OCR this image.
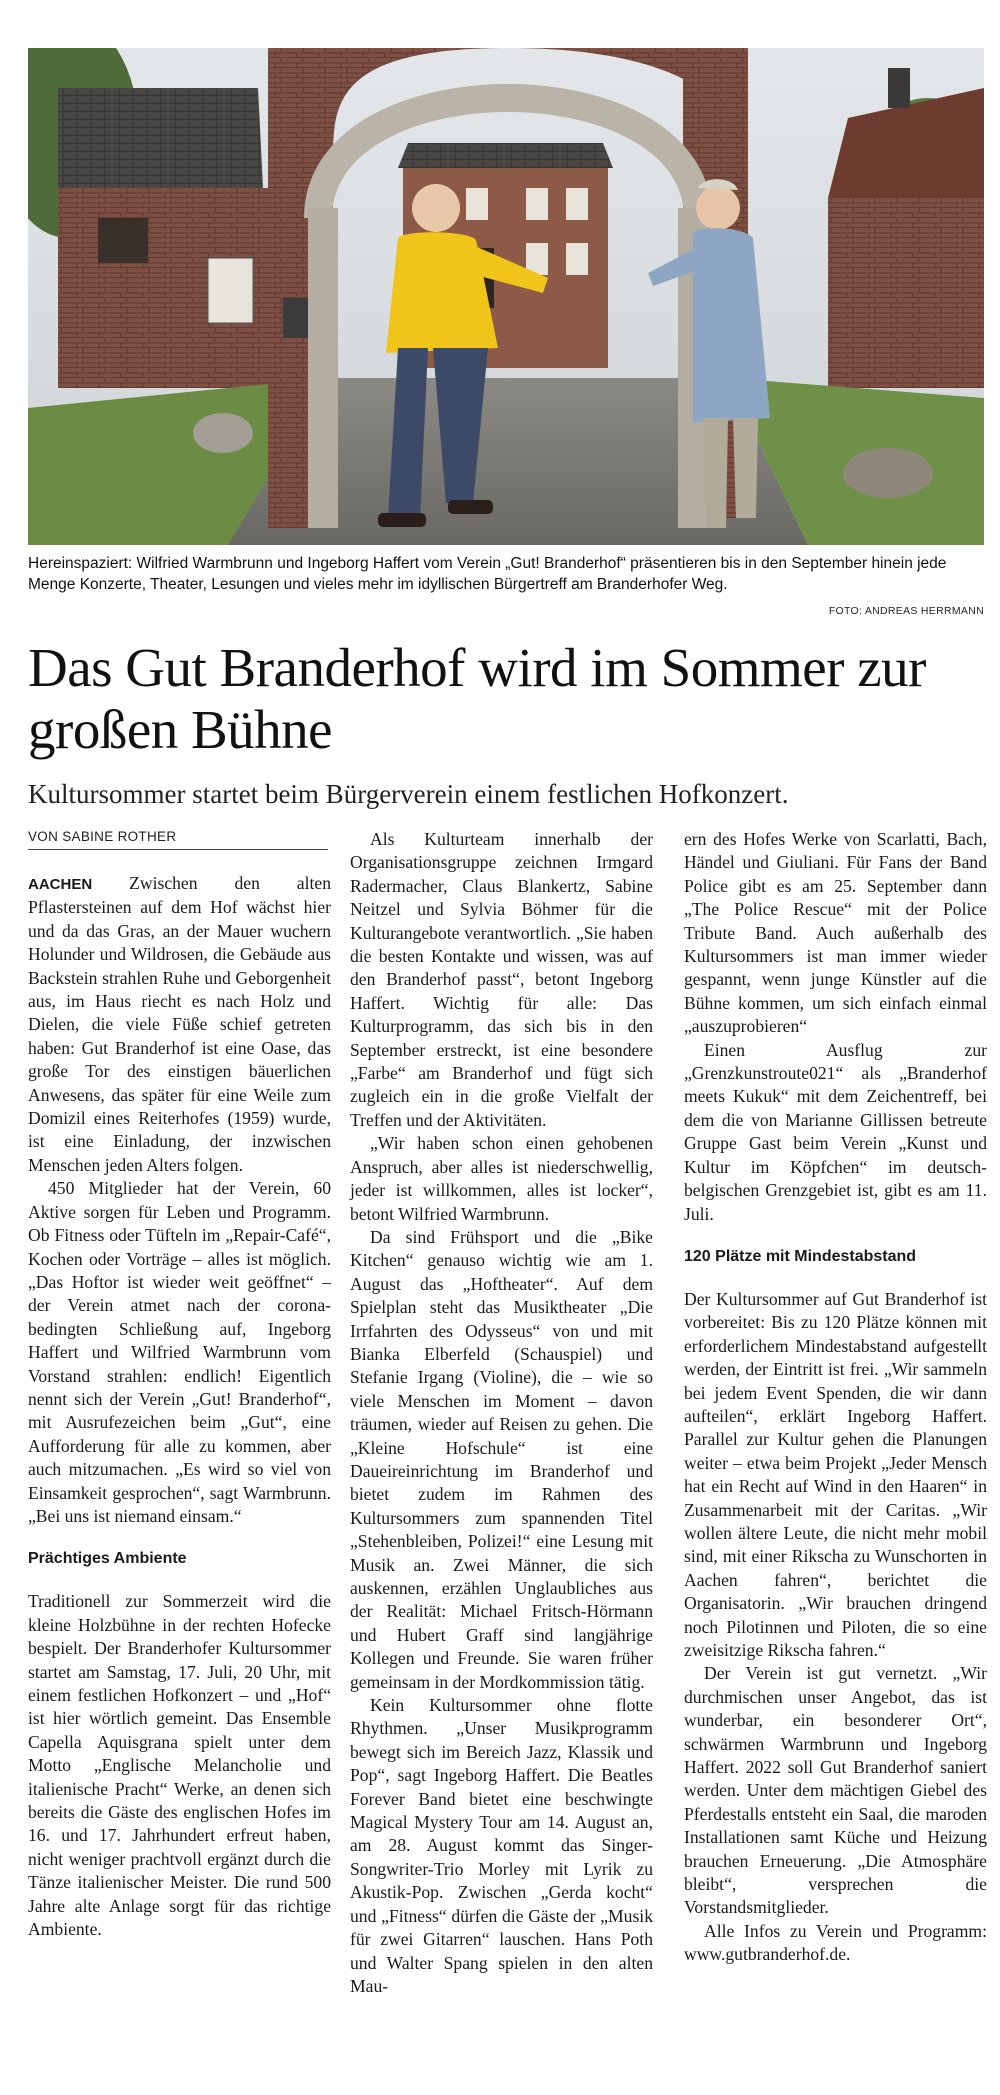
Hereinspaziert: Wilfried Warmbrunn und Ingeborg Haffert vom Verein „Gut! Branderhof“ präsentieren bis in den September hinein jede Menge Konzerte, Theater, Lesungen und vieles mehr im idyllischen Bürgertreff am Branderhofer Weg.
FOTO: ANDREAS HERRMANN
Das Gut Branderhof wird im Sommer zur großen Bühne
Kultursommer startet beim Bürgerverein einem festlichen Hofkonzert.
VON SABINE ROTHER

AACHEN Zwischen den alten Pflastersteinen auf dem Hof wächst hier und da das Gras, an der Mauer wuchern Holunder und Wildrosen, die Gebäude aus Backstein strahlen Ruhe und Geborgenheit aus, im Haus riecht es nach Holz und Dielen, die viele Füße schief getreten haben: Gut Branderhof ist eine Oase, das große Tor des einstigen bäuerlichen Anwesens, das später für eine Weile zum Domizil eines Reiterhofes (1959) wurde, ist eine Einladung, der inzwischen Menschen jeden Alters folgen.

450 Mitglieder hat der Verein, 60 Aktive sorgen für Leben und Programm. Ob Fitness oder Tüfteln im „Repair-Café“, Kochen oder Vorträge – alles ist möglich. „Das Hoftor ist wieder weit geöffnet“ – der Verein atmet nach der corona-bedingten Schließung auf, Ingeborg Haffert und Wilfried Warmbrunn vom Vorstand strahlen: endlich! Eigentlich nennt sich der Verein „Gut! Branderhof“, mit Ausrufezeichen beim „Gut“, eine Aufforderung für alle zu kommen, aber auch mitzumachen. „Es wird so viel von Einsamkeit gesprochen“, sagt Warmbrunn. „Bei uns ist niemand einsam.“

Prächtiges Ambiente

Traditionell zur Sommerzeit wird die kleine Holzbühne in der rechten Hofecke bespielt. Der Branderhofer Kultursommer startet am Samstag, 17. Juli, 20 Uhr, mit einem festlichen Hofkonzert – und „Hof“ ist hier wörtlich gemeint. Das Ensemble Capella Aquisgrana spielt unter dem Motto „Englische Melancholie und italienische Pracht“ Werke, an denen sich bereits die Gäste des englischen Hofes im 16. und 17. Jahrhundert erfreut haben, nicht weniger prachtvoll ergänzt durch die Tänze italienischer Meister. Die rund 500 Jahre alte Anlage sorgt für das richtige Ambiente.

Als Kulturteam innerhalb der Organisationsgruppe zeichnen Irmgard Radermacher, Claus Blankertz, Sabine Neitzel und Sylvia Böhmer für die Kulturangebote verantwortlich. „Sie haben die besten Kontakte und wissen, was auf den Branderhof passt“, betont Ingeborg Haffert. Wichtig für alle: Das Kulturprogramm, das sich bis in den September erstreckt, ist eine besondere „Farbe“ am Branderhof und fügt sich zugleich ein in die große Vielfalt der Treffen und der Aktivitäten.

„Wir haben schon einen gehobenen Anspruch, aber alles ist niederschwellig, jeder ist willkommen, alles ist locker“, betont Wilfried Warmbrunn.

Da sind Frühsport und die „Bike Kitchen“ genauso wichtig wie am 1. August das „Hoftheater“. Auf dem Spielplan steht das Musiktheater „Die Irrfahrten des Odysseus“ von und mit Bianka Elberfeld (Schauspiel) und Stefanie Irgang (Violine), die – wie so viele Menschen im Moment – davon träumen, wieder auf Reisen zu gehen. Die „Kleine Hofschule“ ist eine Daueireinrichtung im Branderhof und bietet zudem im Rahmen des Kultursommers zum spannenden Titel „Stehenbleiben, Polizei!“ eine Lesung mit Musik an. Zwei Männer, die sich auskennen, erzählen Unglaubliches aus der Realität: Michael Fritsch-Hörmann und Hubert Graff sind langjährige Kollegen und Freunde. Sie waren früher gemeinsam in der Mordkommission tätig.

Kein Kultursommer ohne flotte Rhythmen. „Unser Musikprogramm bewegt sich im Bereich Jazz, Klassik und Pop“, sagt Ingeborg Haffert. Die Beatles Forever Band bietet eine beschwingte Magical Mystery Tour am 14. August an, am 28. August kommt das Singer-Songwriter-Trio Morley mit Lyrik zu Akustik-Pop. Zwischen „Gerda kocht“ und „Fitness“ dürfen die Gäste der „Musik für zwei Gitarren“ lauschen. Hans Poth und Walter Spang spielen in den alten Mau-

ern des Hofes Werke von Scarlatti, Bach, Händel und Giuliani. Für Fans der Band Police gibt es am 25. September dann „The Police Rescue“ mit der Police Tribute Band. Auch außerhalb des Kultursommers ist man immer wieder gespannt, wenn junge Künstler auf die Bühne kommen, um sich einfach einmal „auszuprobieren“

Einen Ausflug zur „Grenzkunstroute021“ als „Branderhof meets Kukuk“ mit dem Zeichentreff, bei dem die von Marianne Gillissen betreute Gruppe Gast beim Verein „Kunst und Kultur im Köpfchen“ im deutsch-belgischen Grenzgebiet ist, gibt es am 11. Juli.

120 Plätze mit Mindestabstand

Der Kultursommer auf Gut Branderhof ist vorbereitet: Bis zu 120 Plätze können mit erforderlichem Mindestabstand aufgestellt werden, der Eintritt ist frei. „Wir sammeln bei jedem Event Spenden, die wir dann aufteilen“, erklärt Ingeborg Haffert. Parallel zur Kultur gehen die Planungen weiter – etwa beim Projekt „Jeder Mensch hat ein Recht auf Wind in den Haaren“ in Zusammenarbeit mit der Caritas. „Wir wollen ältere Leute, die nicht mehr mobil sind, mit einer Rikscha zu Wunschorten in Aachen fahren“, berichtet die Organisatorin. „Wir brauchen dringend noch Pilotinnen und Piloten, die so eine zweisitzige Rikscha fahren.“

Der Verein ist gut vernetzt. „Wir durchmischen unser Angebot, das ist wunderbar, ein besonderer Ort“, schwärmen Warmbrunn und Ingeborg Haffert. 2022 soll Gut Branderhof saniert werden. Unter dem mächtigen Giebel des Pferdestalls entsteht ein Saal, die maroden Installationen samt Küche und Heizung brauchen Erneuerung. „Die Atmosphäre bleibt“, versprechen die Vorstandsmitglieder.

Alle Infos zu Verein und Programm: www.gutbranderhof.de.
